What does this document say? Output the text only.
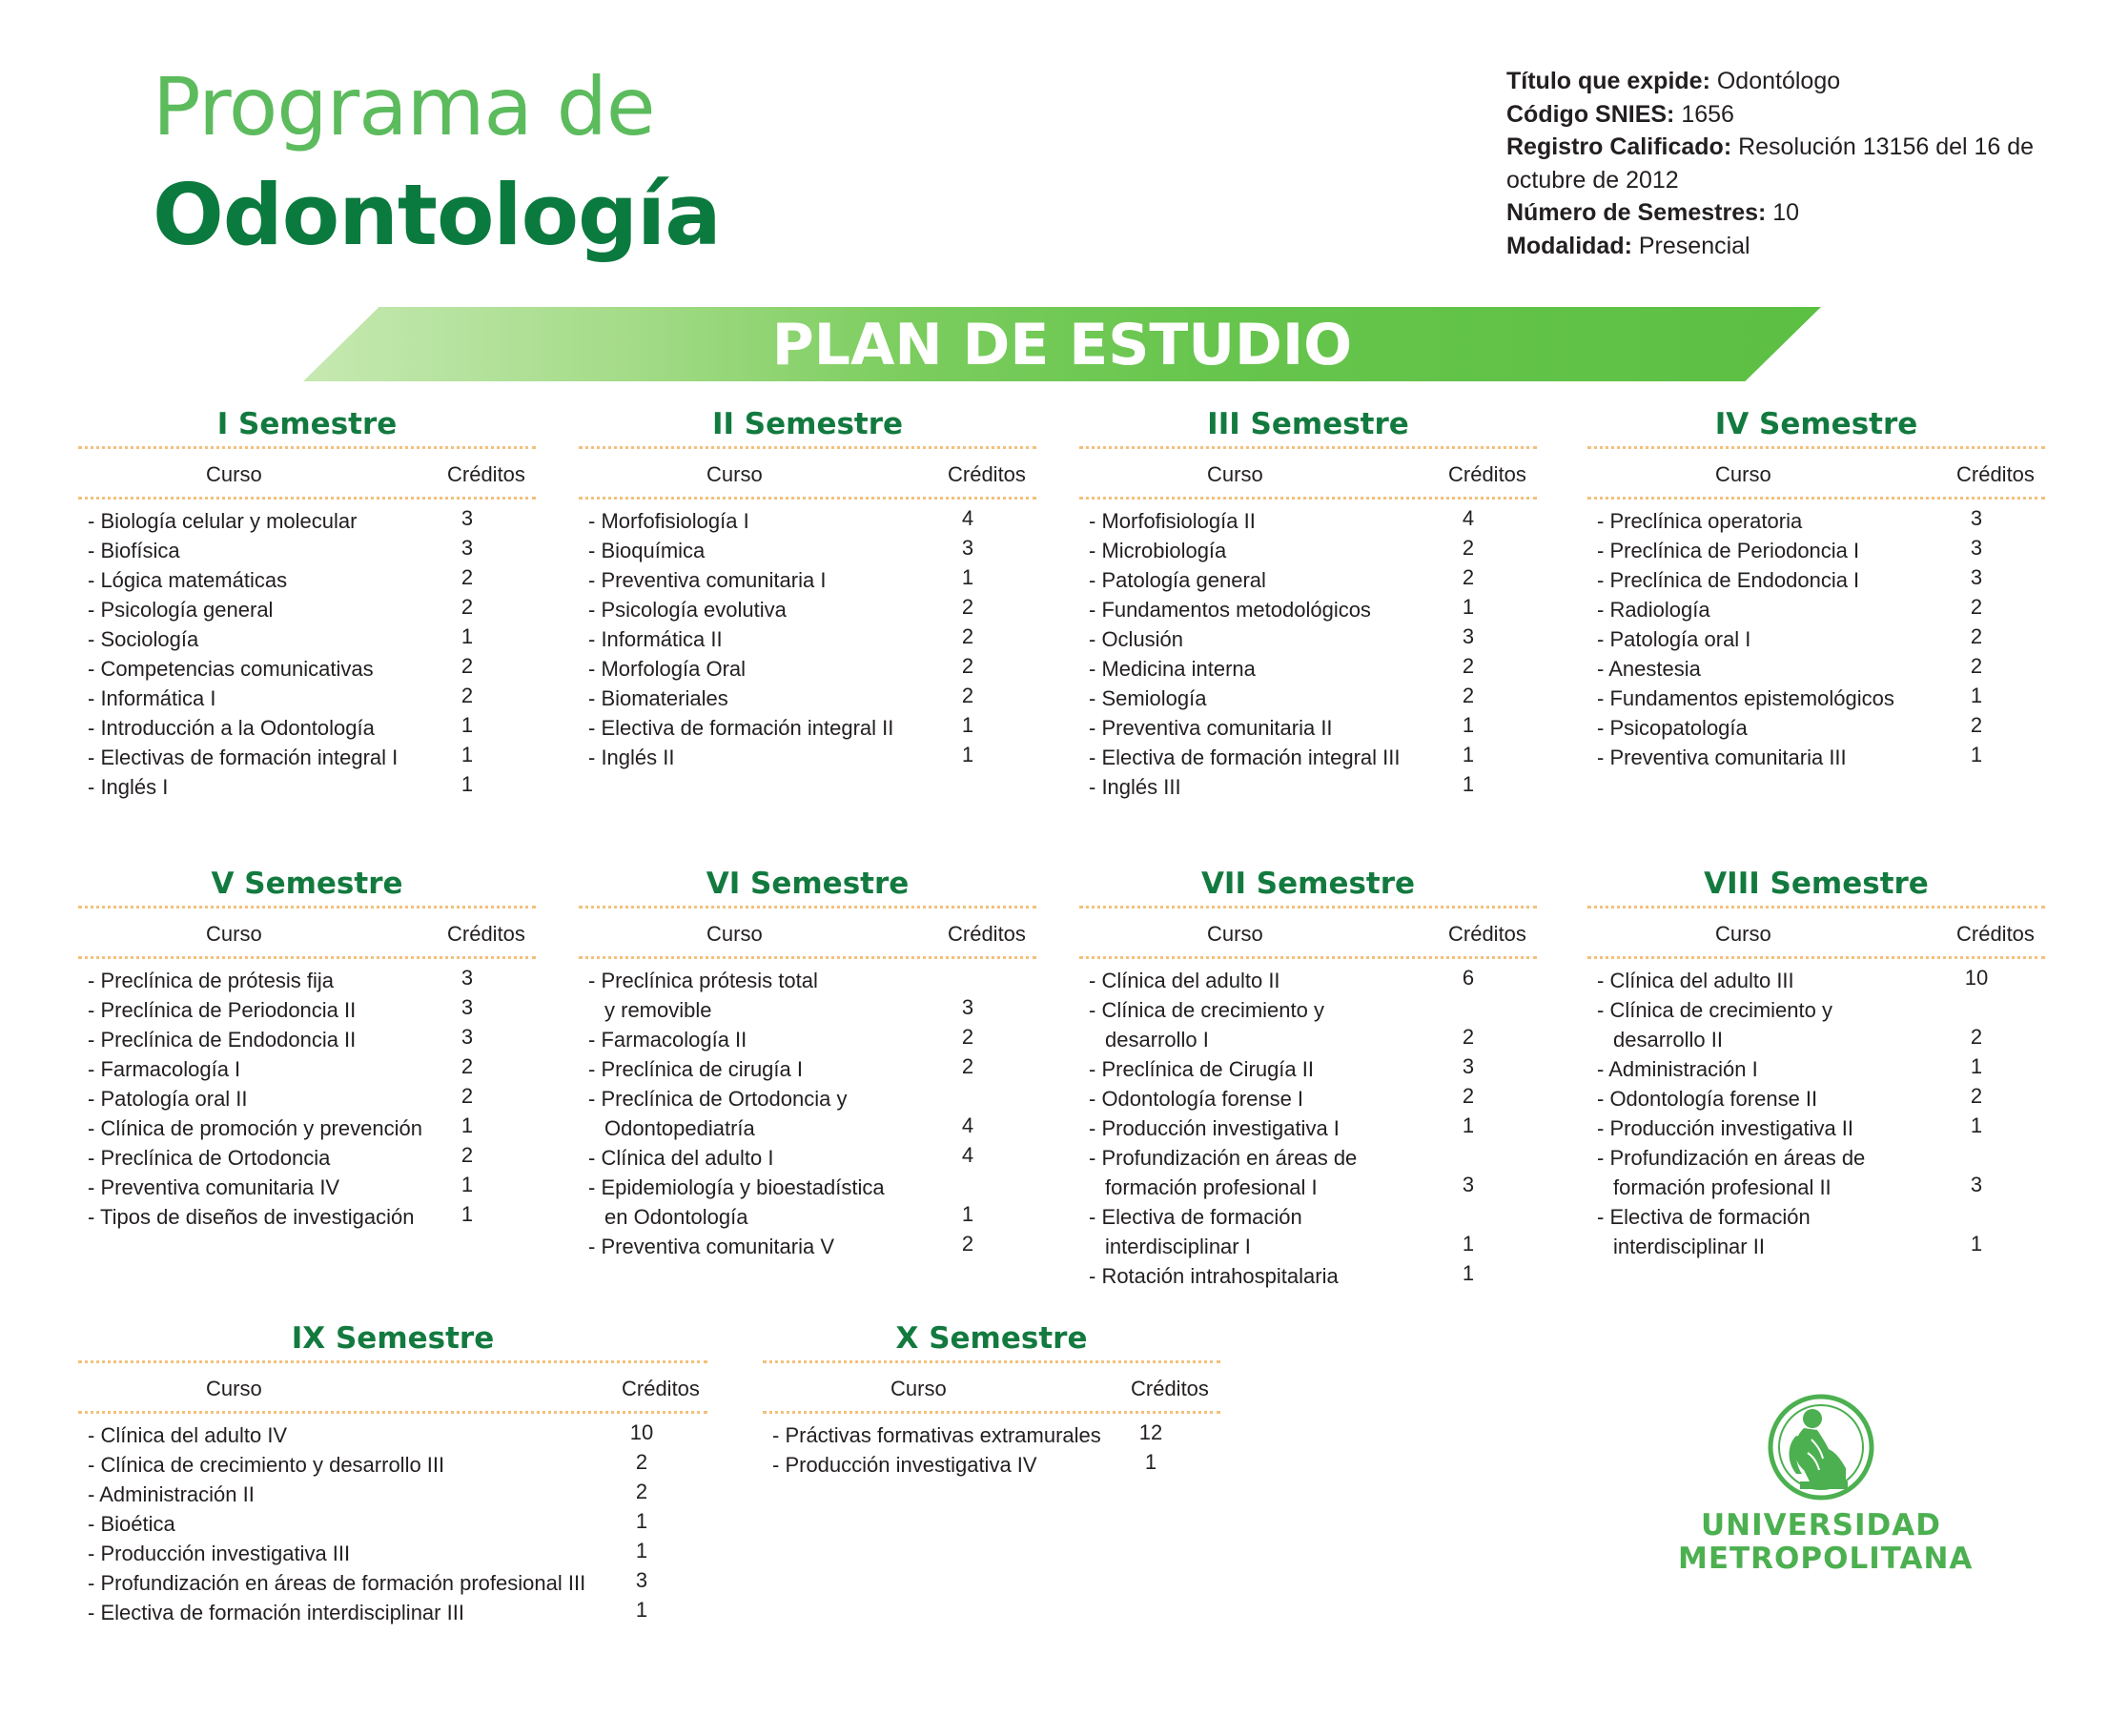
Programa de
Odontología

Título que expide: Odontólogo

Código SNIES: 1656

Registro Calificado: Resolución 13156 del 16 de octubre de 2012

Número de Semestres: 10

Modalidad: Presencial

PLAN DE ESTUDIO
I Semestre
Curso	Créditos
- Biología celular y molecular	3
- Biofísica	3
- Lógica matemáticas	2
- Psicología general	2
- Sociología	1
- Competencias comunicativas	2
- Informática I	2
- Introducción a la Odontología	1
- Electivas de formación integral I	1
- Inglés I	1
II Semestre
Curso	Créditos
- Morfofisiología I	4
- Bioquímica	3
- Preventiva comunitaria I	1
- Psicología evolutiva	2
- Informática II	2
- Morfología Oral	2
- Biomateriales	2
- Electiva de formación integral II	1
- Inglés II	1
III Semestre
Curso	Créditos
- Morfofisiología II	4
- Microbiología	2
- Patología general	2
- Fundamentos metodológicos	1
- Oclusión	3
- Medicina interna	2
- Semiología	2
- Preventiva comunitaria II	1
- Electiva de formación integral III	1
- Inglés III	1
IV Semestre
Curso	Créditos
- Preclínica operatoria	3
- Preclínica de Periodoncia I	3
- Preclínica de Endodoncia I	3
- Radiología	2
- Patología oral I	2
- Anestesia	2
- Fundamentos epistemológicos	1
- Psicopatología	2
- Preventiva comunitaria III	1
V Semestre
Curso	Créditos
- Preclínica de prótesis fija	3
- Preclínica de Periodoncia II	3
- Preclínica de Endodoncia II	3
- Farmacología I	2
- Patología oral II	2
- Clínica de promoción y prevención	1
- Preclínica de Ortodoncia	2
- Preventiva comunitaria IV	1
- Tipos de diseños de investigación	1
VI Semestre
Curso	Créditos
- Preclínica prótesis total
y removible	3
- Farmacología II	2
- Preclínica de cirugía I	2
- Preclínica de Ortodoncia y
Odontopediatría	4
- Clínica del adulto I	4
- Epidemiología y bioestadística
en Odontología	1
- Preventiva comunitaria V	2
VII Semestre
Curso	Créditos
- Clínica del adulto II	6
- Clínica de crecimiento y
desarrollo I	2
- Preclínica de Cirugía II	3
- Odontología forense I	2
- Producción investigativa I	1
- Profundización en áreas de
formación profesional I	3
- Electiva de formación
interdisciplinar I	1
- Rotación intrahospitalaria	1
VIII Semestre
Curso	Créditos
- Clínica del adulto III	10
- Clínica de crecimiento y
desarrollo II	2
- Administración I	1
- Odontología forense II	2
- Producción investigativa II	1
- Profundización en áreas de
formación profesional II	3
- Electiva de formación
interdisciplinar II	1
IX Semestre
Curso	Créditos
- Clínica del adulto IV	10
- Clínica de crecimiento y desarrollo III	2
- Administración II	2
- Bioética	1
- Producción investigativa III	1
- Profundización en áreas de formación profesional III	3
- Electiva de formación interdisciplinar III	1
X Semestre
Curso	Créditos
- Práctivas formativas extramurales	12
- Producción investigativa IV	1
UNIVERSIDAD
METROPOLITANA
